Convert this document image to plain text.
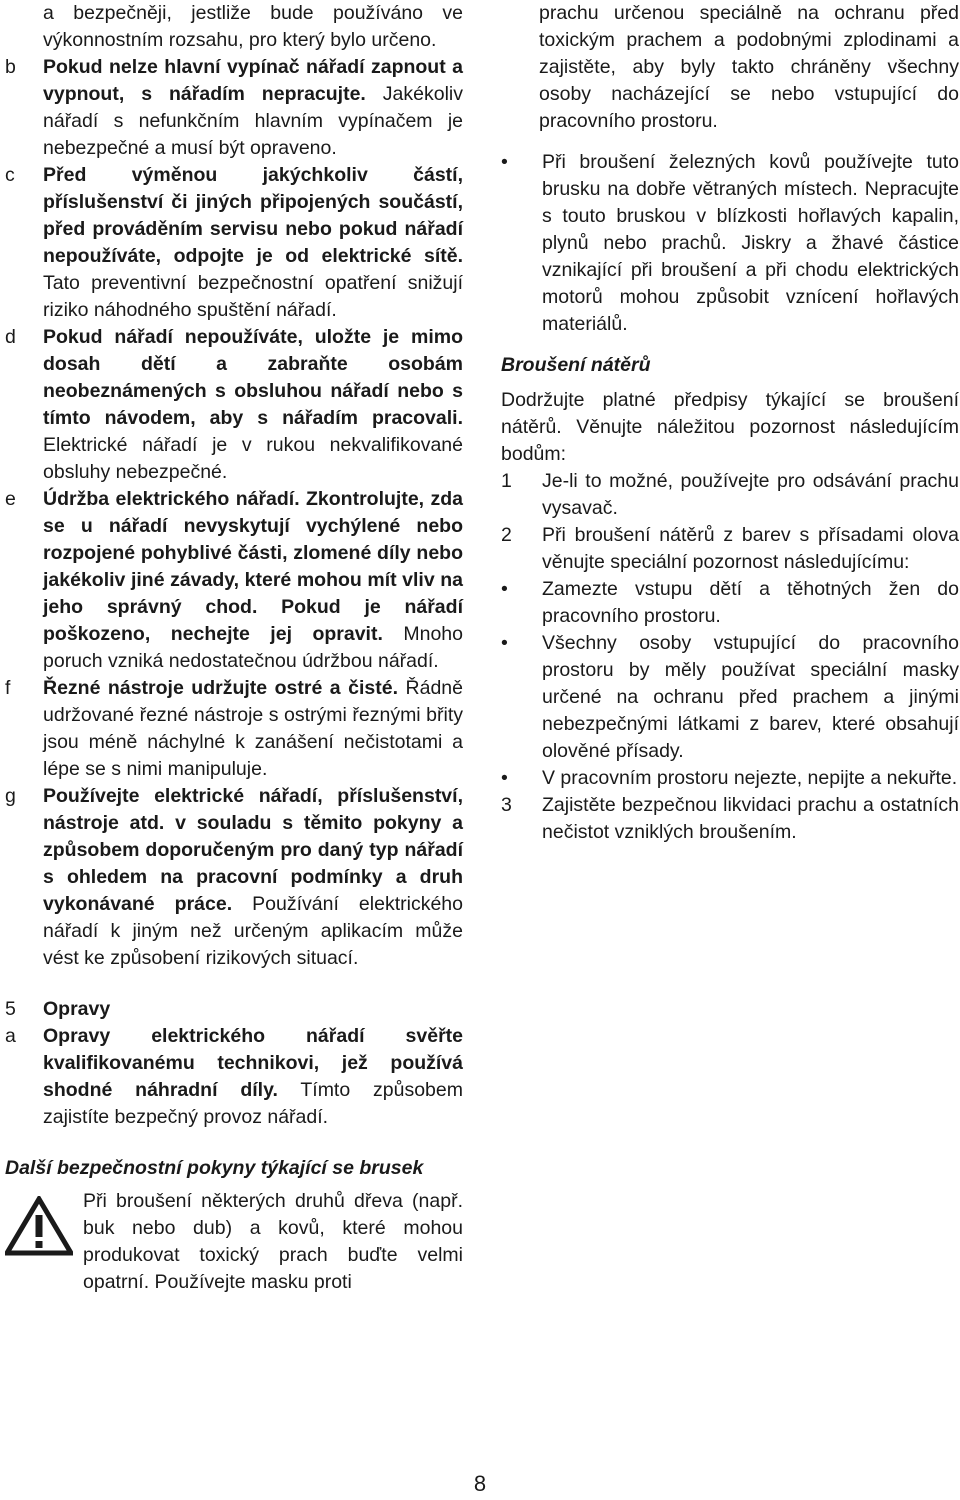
a bezpečněji, jestliže bude používáno ve výkonnostním rozsahu, pro který bylo určeno.
b	Pokud nelze hlavní vypínač nářadí zapnout a vypnout, s nářadím nepracujte. Jakékoliv nářadí s nefunkčním hlavním vypínačem je nebezpečné a musí být opraveno.
c	Před výměnou jakýchkoliv částí, příslušenství či jiných připojených součástí, před prováděním servisu nebo pokud nářadí nepoužíváte, odpojte je od elektrické sítě. Tato preventivní bezpečnostní opatření snižují riziko náhodného spuštění nářadí.
d	Pokud nářadí nepoužíváte, uložte je mimo dosah dětí a zabraňte osobám neobeznámených s obsluhou nářadí nebo s tímto návodem, aby s nářadím pracovali. Elektrické nářadí je v rukou nekvalifikované obsluhy nebezpečné.
e	Údržba elektrického nářadí. Zkontrolujte, zda se u nářadí nevyskytují vychýlené nebo rozpojené pohyblivé části, zlomené díly nebo jakékoliv jiné závady, které mohou mít vliv na jeho správný chod. Pokud je nářadí poškozeno, nechejte jej opravit. Mnoho poruch vzniká nedostatečnou údržbou nářadí.
f	Řezné nástroje udržujte ostré a čisté. Řádně udržované řezné nástroje s ostrými řeznými břity jsou méně náchylné k zanášení nečistotami a lépe se s nimi manipuluje.
g	Používejte elektrické nářadí, příslušenství, nástroje atd. v souladu s těmito pokyny a způsobem doporučeným pro daný typ nářadí s ohledem na pracovní podmínky a druh vykonávané práce. Používání elektrického nářadí k jiným než určeným aplikacím může vést ke způsobení rizikových situací.
5	Opravy
a	Opravy elektrického nářadí svěřte kvalifikovanému technikovi, jež používá shodné náhradní díly. Tímto způsobem zajistíte bezpečný provoz nářadí.
Další bezpečnostní pokyny týkající se brusek
Při broušení některých druhů dřeva (např. buk nebo dub) a kovů, které mohou produkovat toxický prach buďte velmi opatrní. Používejte masku proti
prachu určenou speciálně na ochranu před toxickým prachem a podobnými zplodinami a zajistěte, aby byly takto chráněny všechny osoby nacházející se nebo vstupující do pracovního prostoru.
•	Při broušení železných kovů používejte tuto brusku na dobře větraných místech. Nepracujte s touto bruskou v blízkosti hořlavých kapalin, plynů nebo prachů. Jiskry a žhavé částice vznikající při broušení a při chodu elektrických motorů mohou způsobit vznícení hořlavých materiálů.
Broušení nátěrů
Dodržujte platné předpisy týkající se broušení nátěrů. Věnujte náležitou pozornost následujícím bodům:
1	Je-li to možné, používejte pro odsávání prachu vysavač.
2	Při broušení nátěrů z barev s přísadami olova věnujte speciální pozornost následujícímu:
•	Zamezte vstupu dětí a těhotných žen do pracovního prostoru.
•	Všechny osoby vstupující do pracovního prostoru by měly používat speciální masky určené na ochranu před prachem a jinými nebezpečnými látkami z barev, které obsahují olověné přísady.
•	V pracovním prostoru nejezte, nepijte a nekuřte.
3	Zajistěte bezpečnou likvidaci prachu a ostatních nečistot vzniklých broušením.
8
